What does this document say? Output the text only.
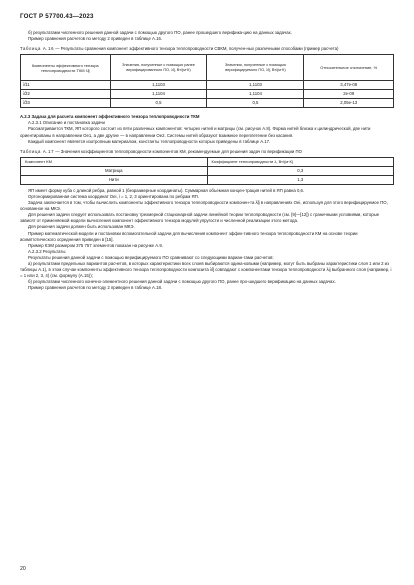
ГОСТ Р 57700.43—2023

б) результатами численного решения данной задачи с помощью другого ПО, ранее прошедшего верифика-цию на данных задачах.

Пример сравнения расчетов по методу 2 приведен в таблице А.16.

Таблица А.16 — Результаты сравнения компонент эффективного тензора теплопроводности СВКМ, получен-ных различными способами (пример расчета)

Компоненты эффективного тензора теплопроводности ТКМ λ̃ij	Значения, полученные с помощью ранее верифицированного ПО, λ̃ij, Вт/(м·К)	Значения, полученные с помощью верифицируемого ПО, λ̃ij, Вт/(м·К)	Относительное отклонение, %
λ̃11	1,1103	1,1103	3,47e-08
λ̃22	1,1104	1,1104	2e-09
λ̃33	0,5	0,5	2,05e-13

А.2.3 Задача для расчета компонент эффективного тензора теплопроводности ТКМ

А.2.3.1 Описание и постановка задачи

Рассматривается ТКМ, ЯП которого состоит из пяти различных компонентов: четырех нитей и матрицы (см. рисунок А.8). Форма нитей близка к цилиндрической, две нити ориентированы в направлении Oe1, а две другие — в направлении Oe2. Системы нитей образуют взаимное переплетение без касания.

Каждый компонент является изотропным материалом, константы теплопроводности которых приведены в таблице А.17.

Таблица А.17 — Значения коэффициентов теплопроводности компонентов КМ, рекомендуемые для решения задач по верификации ПО

Компонент КМ	Коэффициент теплопроводности λ, Вт/(м·К)
Матрица	0,3
Нити	1,3

ЯП имеет форму куба с длиной ребра, равной 1 (безразмерные координаты). Суммарная объемная концен-трация нитей в ЯП равна 0,6.

Ортонормированная система координат Oei, i = 1, 2, 3 ориентирована по ребрам ЯП.

Задача заключается в том, чтобы вычислить компоненты эффективного тензора теплопроводности компонен-та λ̃ij в направлениях Oei, используя для этого верифицируемое ПО, основанное на МКЭ.

Для решения задачи следует использовать постановку трехмерной стационарной задачи линейной теории теплопроводности (см. [9]—[12]) с граничными условиями, которые зависят от применяемой модели вычисления компонент эффективного тензора модулей упругости и численной реализации этого метода.

Для решения задачи должен быть использован МКЭ.

Пример математической модели и постановки вспомогательной задачи для вычисления компонент эффек-тивного тензора теплопроводности КМ на основе теории асимптотического осреднения приведен в [15].

Пример КЭМ размером 375 757 элементов показан на рисунке А.9.

А.2.3.2 Результаты

Результаты решения данной задачи с помощью верифицируемого ПО сравнивают со следующими вариан-тами расчетов:

а) результатами предельных вариантов расчетов, в которых характеристики всех слоев выбираются одина-ковыми (например, могут быть выбраны характеристики слоя 1 или 2 из таблицы А.1), в этом случае компоненты эффективного тензора теплопроводности композита λ̃ij совпадают с компонентами тензора теплопроводности λij выбранного слоя (например, i = 1 или 2, 3, 4) (см. формулу (А.15));

б) результатами численного конечно-элементного решения данной задачи с помощью другого ПО, ранее про-шедшего верификацию на данных задачах.

Пример сравнения расчетов по методу 2 приведен в таблице А.18.

20
